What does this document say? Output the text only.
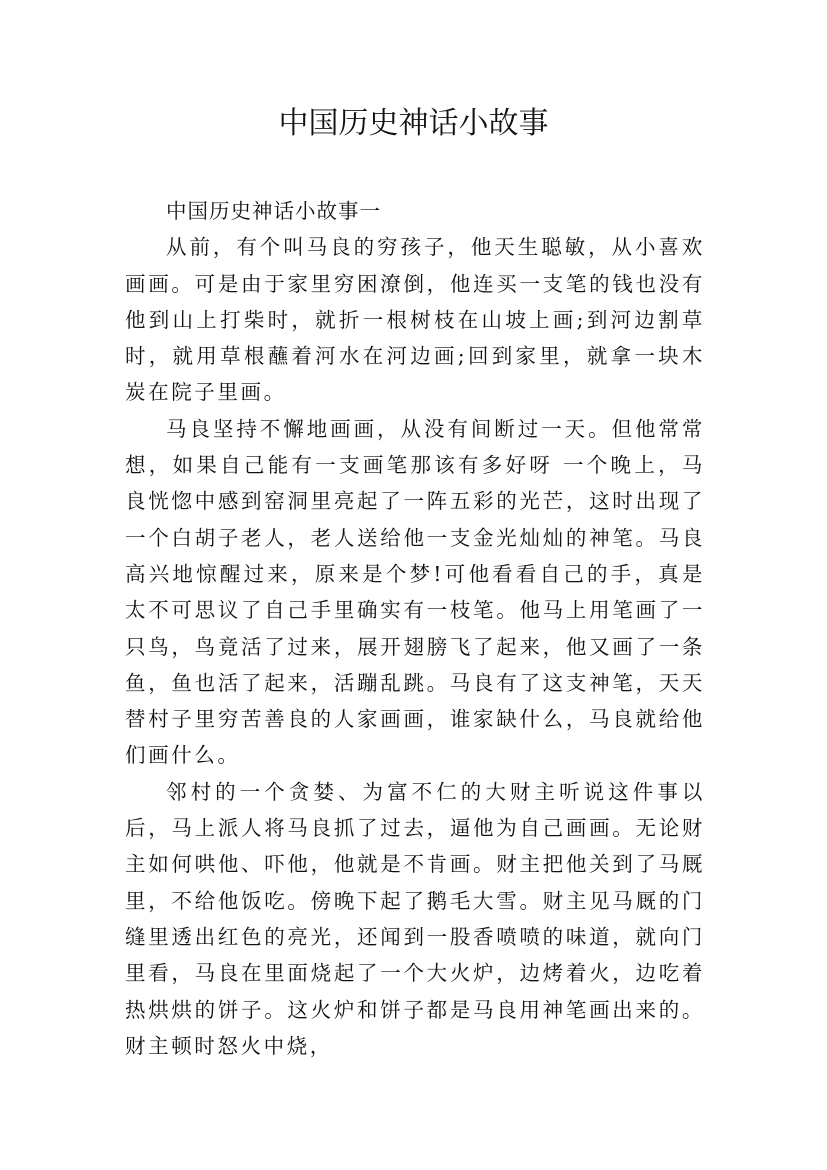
中国历史神话小故事

中国历史神话小故事一

从前，有个叫马良的穷孩子，他天生聪敏，从小喜欢画画。可是由于家里穷困潦倒，他连买一支笔的钱也没有 他到山上打柴时，就折一根树枝在山坡上画;到河边割草时，就用草根蘸着河水在河边画;回到家里，就拿一块木炭在院子里画。

马良坚持不懈地画画，从没有间断过一天。但他常常想，如果自己能有一支画笔那该有多好呀 一个晚上，马良恍惚中感到窑洞里亮起了一阵五彩的光芒，这时出现了一个白胡子老人，老人送给他一支金光灿灿的神笔。马良高兴地惊醒过来，原来是个梦!可他看看自己的手，真是太不可思议了自己手里确实有一枝笔。他马上用笔画了一只鸟，鸟竟活了过来，展开翅膀飞了起来，他又画了一条鱼，鱼也活了起来，活蹦乱跳。马良有了这支神笔，天天替村子里穷苦善良的人家画画，谁家缺什么，马良就给他们画什么。

邻村的一个贪婪、为富不仁的大财主听说这件事以后，马上派人将马良抓了过去，逼他为自己画画。无论财主如何哄他、吓他，他就是不肯画。财主把他关到了马厩里，不给他饭吃。傍晚下起了鹅毛大雪。财主见马厩的门缝里透出红色的亮光，还闻到一股香喷喷的味道，就向门里看，马良在里面烧起了一个大火炉，边烤着火，边吃着热烘烘的饼子。这火炉和饼子都是马良用神笔画出来的。财主顿时怒火中烧，
